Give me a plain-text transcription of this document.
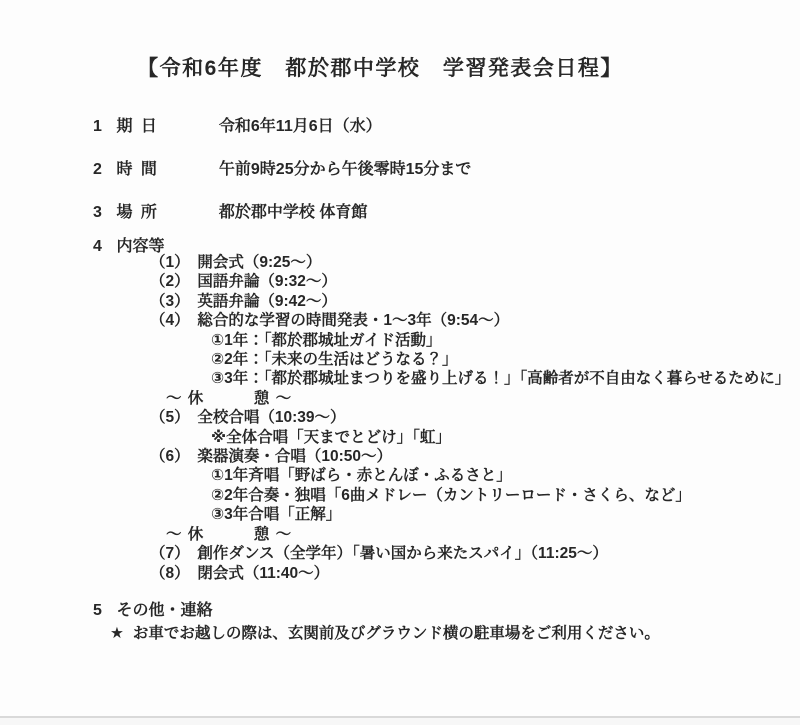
【令和6年度　都於郡中学校　学習発表会日程】
1 期 日	令和6年11月6日（水）
2 時 間	午前9時25分から午後零時15分まで
3 場 所	都於郡中学校 体育館
4 内容等
（1）　開会式（9:25～）
（2）　国語弁論（9:32～）
（3）　英語弁論（9:42～）
（4）　総合的な学習の時間発表・1～3年（9:54～）
①1年：「都於郡城址ガイド活動」
②2年：「未来の生活はどうなる？」
③3年：「都於郡城址まつりを盛り上げる！」「高齢者が不自由なく暮らせるために」
～ 休　　　憩 ～
（5）　全校合唱（10:39～）
※全体合唱「天までとどけ」「虹」
（6）　楽器演奏・合唱（10:50～）
①1年斉唱「野ばら・赤とんぼ・ふるさと」
②2年合奏・独唱「6曲メドレー（カントリーロード・さくら、など」
③3年合唱「正解」
～ 休　　　憩 ～
（7）　創作ダンス（全学年）「暑い国から来たスパイ」（11:25～）
（8）　閉会式（11:40～）
5 その他・連絡
★ お車でお越しの際は、玄関前及びグラウンド横の駐車場をご利用ください。
